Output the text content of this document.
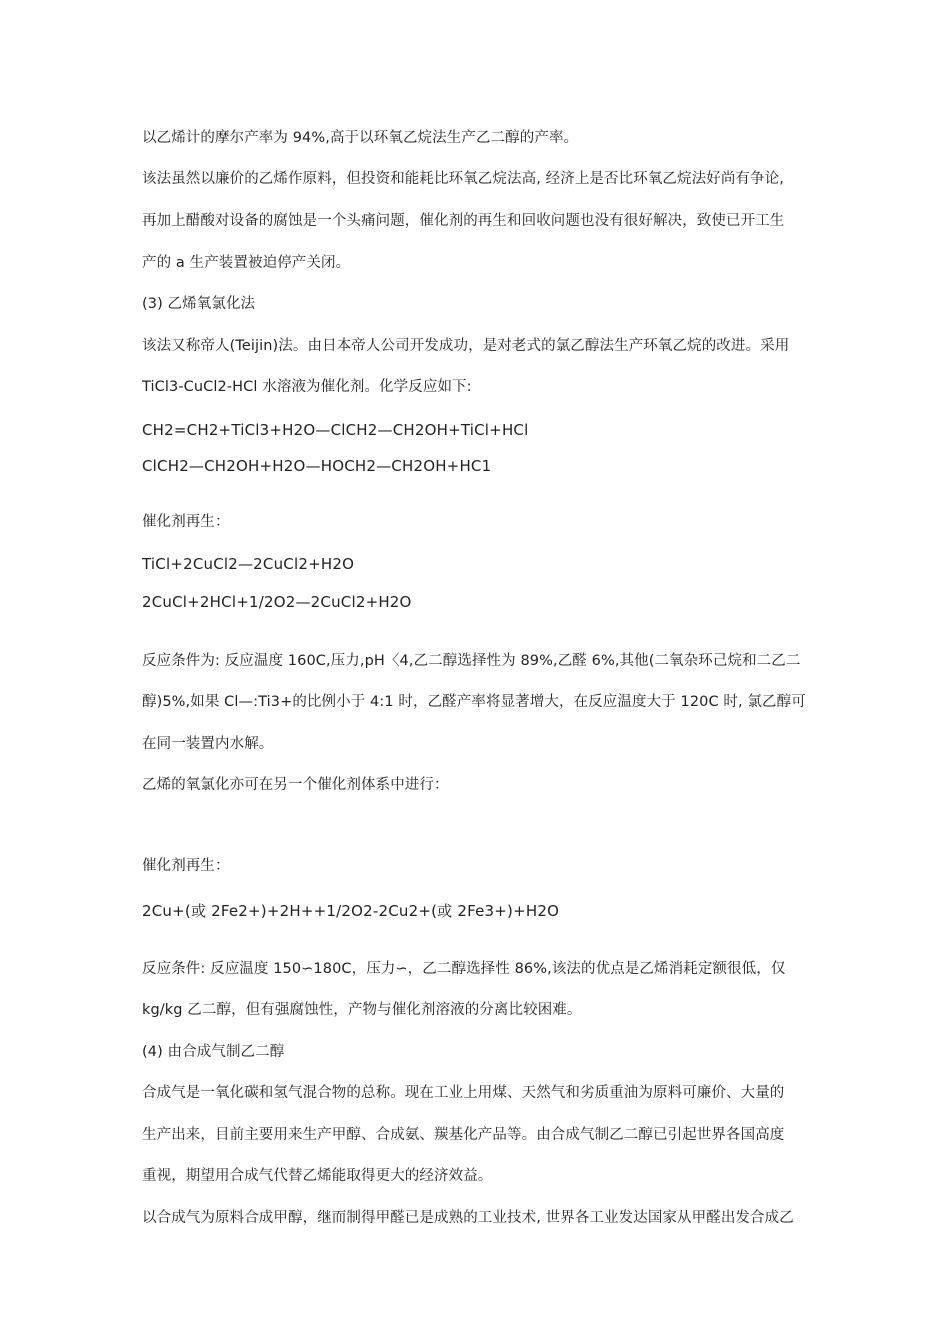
以乙烯计的摩尔产率为 94%,高于以环氧乙烷法生产乙二醇的产率。

该法虽然以廉价的乙烯作原料，但投资和能耗比环氧乙烷法高, 经济上是否比环氧乙烷法好尚有争论,

再加上醋酸对设备的腐蚀是一个头痛问题，催化剂的再生和回收问题也没有很好解决，致使已开工生

产的 a 生产装置被迫停产关闭。

(3) 乙烯氧氯化法

该法又称帝人(Teijin)法。由日本帝人公司开发成功，是对老式的氯乙醇法生产环氧乙烷的改进。采用

TiCl3-CuCl2-HCl 水溶液为催化剂。化学反应如下:

CH2=CH2+TiCl3+H2O—ClCH2—CH2OH+TiCl+HCl

ClCH2—CH2OH+H2O—HOCH2—CH2OH+HC1

催化剂再生：

TiCl+2CuCl2—2CuCl2+H2O

2CuCl+2HCl+1/2O2—2CuCl2+H2O

反应条件为: 反应温度 160C,压力,pH〈4,乙二醇选择性为 89%,乙醛 6%,其他(二氧杂环己烷和二乙二

醇)5%,如果 Cl—:Ti3+的比例小于 4:1 时，乙醛产率将显著增大，在反应温度大于 120C 时, 氯乙醇可

在同一装置内水解。

乙烯的氧氯化亦可在另一个催化剂体系中进行：

催化剂再生：

2Cu+(或 2Fe2+)+2H++1/2O2-2Cu2+(或 2Fe3+)+H2O

反应条件: 反应温度 150∽180C，压力∽，乙二醇选择性 86%,该法的优点是乙烯消耗定额很低，仅

kg/kg 乙二醇，但有强腐蚀性，产物与催化剂溶液的分离比较困难。

(4) 由合成气制乙二醇

合成气是一氧化碳和氢气混合物的总称。现在工业上用煤、天然气和劣质重油为原料可廉价、大量的

生产出来，目前主要用来生产甲醇、合成氨、羰基化产品等。由合成气制乙二醇已引起世界各国高度

重视，期望用合成气代替乙烯能取得更大的经济效益。

以合成气为原料合成甲醇，继而制得甲醛已是成熟的工业技术, 世界各工业发达国家从甲醛出发合成乙
